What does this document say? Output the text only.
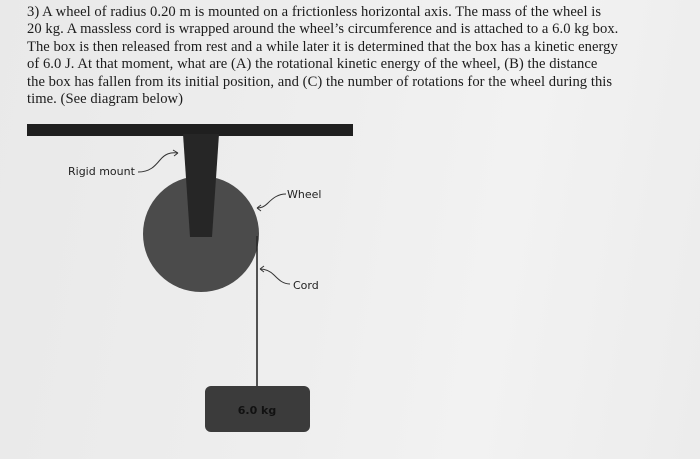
3) A wheel of radius 0.20 m is mounted on a frictionless horizontal axis. The mass of the wheel is
20 kg. A massless cord is wrapped around the wheel’s circumference and is attached to a 6.0 kg box.
The box is then released from rest and a while later it is determined that the box has a kinetic energy
of 6.0 J. At that moment, what are (A) the rotational kinetic energy of the wheel, (B) the distance
the box has fallen from its initial position, and (C) the number of rotations for the wheel during this
time. (See diagram below)
6.0 kg
Rigid mount
Wheel
Cord
